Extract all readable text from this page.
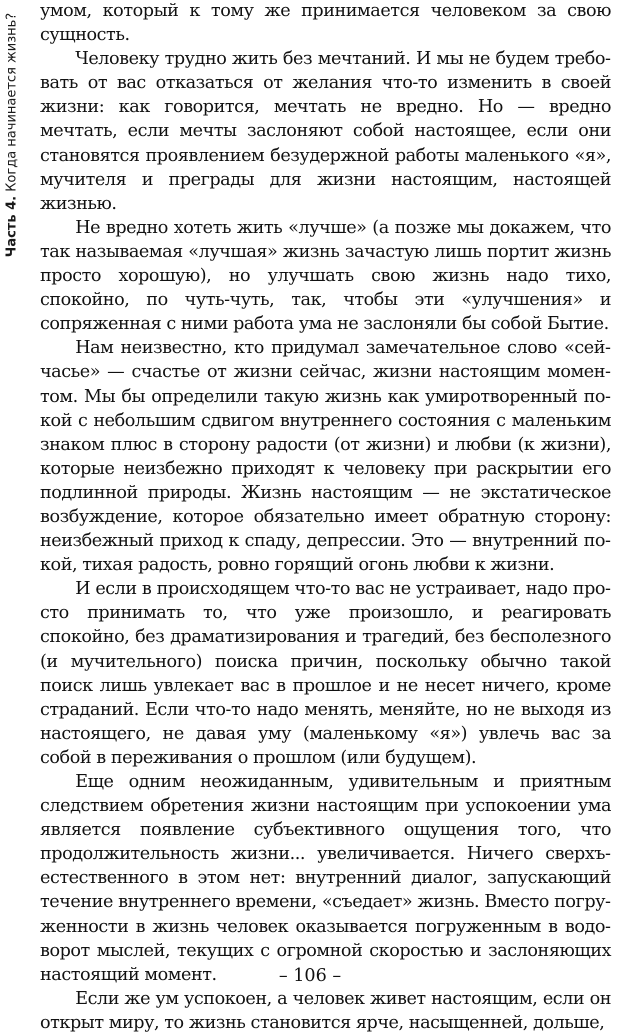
Часть 4. Когда начинается жизнь?

умом, который к тому же принимается человеком за свою сущность.

Человеку трудно жить без мечтаний. И мы не будем требовать от вас отказаться от желания что-то изменить в своей жизни: как говорится, мечтать не вредно. Но — вредно мечтать, если мечты заслоняют собой настоящее, если они становятся проявлением безудержной работы маленького «я», мучителя и преграды для жизни настоящим, настоящей жизнью.

Не вредно хотеть жить «лучше» (а позже мы докажем, что так называемая «лучшая» жизнь зачастую лишь портит жизнь просто хорошую), но улучшать свою жизнь надо тихо, спокойно, по чуть-чуть, так, чтобы эти «улучшения» и сопряженная с ними работа ума не заслоняли бы собой Бытие.

Нам неизвестно, кто придумал замечательное слово «сейчасье» — счастье от жизни сейчас, жизни настоящим моментом. Мы бы определили такую жизнь как умиротворенный покой с небольшим сдвигом внутреннего состояния с маленьким знаком плюс в сторону радости (от жизни) и любви (к жизни), которые неизбежно приходят к человеку при раскрытии его подлинной природы. Жизнь настоящим — не экстатическое возбуждение, которое обязательно имеет обратную сторону: неизбежный приход к спаду, депрессии. Это — внутренний покой, тихая радость, ровно горящий огонь любви к жизни.

И если в происходящем что-то вас не устраивает, надо просто принимать то, что уже произошло, и реагировать спокойно, без драматизирования и трагедий, без бесполезного (и мучительного) поиска причин, поскольку обычно такой поиск лишь увлекает вас в прошлое и не несет ничего, кроме страданий. Если что-то надо менять, меняйте, но не выходя из настоящего, не давая уму (маленькому «я») увлечь вас за собой в переживания о прошлом (или будущем).

Еще одним неожиданным, удивительным и приятным следствием обретения жизни настоящим при успокоении ума является появление субъективного ощущения того, что продолжительность жизни... увеличивается. Ничего сверхъестественного в этом нет: внутренний диалог, запускающий течение внутреннего времени, «съедает» жизнь. Вместо погруженности в жизнь человек оказывается погруженным в водоворот мыслей, текущих с огромной скоростью и заслоняющих настоящий момент.

Если же ум успокоен, а человек живет настоящим, если он открыт миру, то жизнь становится ярче, насыщенней, дольше,

– 106 –
